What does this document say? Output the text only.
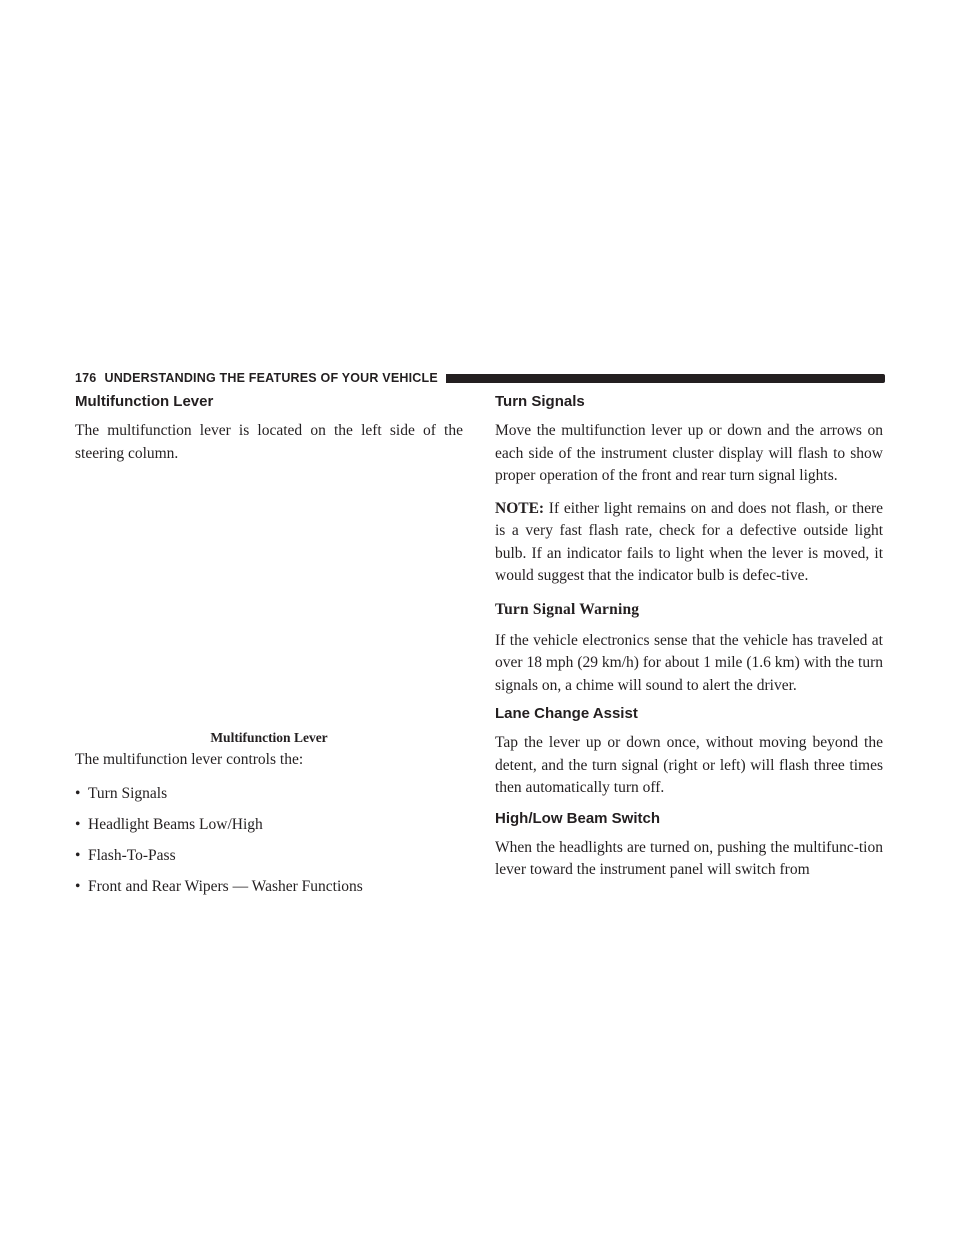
176 UNDERSTANDING THE FEATURES OF YOUR VEHICLE
Multifunction Lever

The multifunction lever is located on the left side of the steering column.

Multifunction Lever

The multifunction lever controls the:

• Turn Signals
• Headlight Beams Low/High
• Flash-To-Pass
• Front and Rear Wipers — Washer Functions
Turn Signals

Move the multifunction lever up or down and the arrows on each side of the instrument cluster display will flash to show proper operation of the front and rear turn signal lights.

NOTE: If either light remains on and does not flash, or there is a very fast flash rate, check for a defective outside light bulb. If an indicator fails to light when the lever is moved, it would suggest that the indicator bulb is defec-tive.

Turn Signal Warning

If the vehicle electronics sense that the vehicle has traveled at over 18 mph (29 km/h) for about 1 mile (1.6 km) with the turn signals on, a chime will sound to alert the driver.

Lane Change Assist

Tap the lever up or down once, without moving beyond the detent, and the turn signal (right or left) will flash three times then automatically turn off.

High/Low Beam Switch

When the headlights are turned on, pushing the multifunc-tion lever toward the instrument panel will switch from
